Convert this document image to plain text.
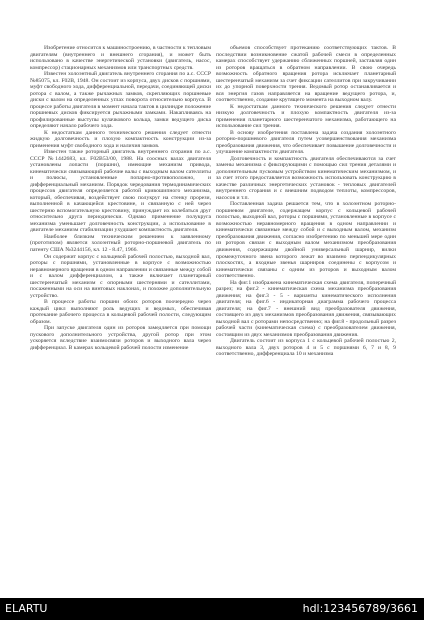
Изобретение относится к машиностроению, в частности к тепловым двигателям (внутреннего и внешнего сгорания), и может быть использовано в качестве энергетической установки (двигатель, насос, компрессор) стационарных механизмов или транспортных средств.

Известен холоэнтный двигатель внутреннего сгорания по а.с. СССР №85075, кл. F02B, 1948. Он состоит из корпуса, двух дисков с поршнями, муфт свободного хода, дифференциальной, передачи, соединяющей диски ротора с валом, а также рычажных замков, скрепляющих поршневые диски с валом на определенных углах поворота относительно корпуса. В процессе работы двигателя в момент начала тактов в цилиндре положение поршневых дисков фиксируется рычажными замками. Накапливаясь на профилированные выступы кулачкового кольца, замки ведущего диска определяют начало рабочего хода.

К недостаткам данного технического решения следует отнести жидкую долговечность и плохую компактность конструкции из-за применения муфт свободного хода и наличия замков.

Известен также роторный двигатель внутреннего сгорания по а.с. СССР №1442683, кл. F02B53/00, 1988. На соосных валах двигателя установлены лопасти (поршни), имеющие механизм привода, кинематически связывающий рабочие валы с выходным валом сателлиты и полюсы, установленные попарно-противоположно, и дифференциальный механизм. Порядок чередования термодинамических процессов двигателя определяется работой кривошипного механизма, который, обеспечивая, воздействует свою полукруг на стенку прорези, выполненной в качающейся крестовине, и связанную с ней через шестерню вспомогательную крестовину, принуждает их колебаться друг относительно друга периодически. Однако применение полукруга механизма уменьшает долговечность конструкции, а использование в двигателе механизм стабилизации ухудшает компактность двигателя.

Наиболее близким техническим решением к заявленному (прототипом) является холоэнтный роторно-поршневой двигатель по патенту США №3244156, кл. 12 - 8.47, 1966.

Он содержит корпус с кольцевой рабочей полостью, выходной вал, роторы с поршнями, установленные в корпусе с возможностью неравномерного вращения в одном направлении и связанные между собой и с валом дифференциалом, а также включает планетарный шестеренчатый механизм с опорными шестернями и сателлитами, посаженными на оси на винтовых наклонах, и похожее дополнительную устройство.

В процессе работы поршни обоих роторов поочередно через каждый цикл выполняют роль ведущих и ведомых, обеспечивая протекание рабочего процесса в кольцевой рабочей полости, следующим образом.

При запуске двигателя один из роторов замедляется при помощи пускового дополнительного устройства, другой ротор при этом ускоряется вследствие взаимосвязи роторов и выходного вала через дифференциал. В камерах кольцевой рабочей полости изменение

объемов способствует протеканию соответствующих тактов. В последствии возникновение сжатой рабочей смеси в определенных камерах способствует удержанию сближенных поршней, заставляя один из роторов вращаться в обратном направлении. В свою очередь возможность обратного вращения ротора исключает планетарный шестеренчатый механизм за счет фиксации сателлитов при закручивании их до упорной поверхности трения. Ведомый ротор останавливается и вся энергия газов направляется на вращение ведущего ротора, и, соответственно, создание крутящего момента на выходном валу.

К недостаткам данного технического решения следует отнести низкую долговечность и плохую компактность двигателя из-за применения планетарного шестеренчатого механизма, работающего на использование сил трения.

В основу изобретения поставлена задача создания холоэнтного роторно-поршневого двигателя путем усовершенствования механизма преобразования движения, что обеспечивает повышение долговечности и улучшение компактности двигателя.

Долговечность и компактность двигателя обеспечиваются за счет замены механизма с фиксирующими с помощью сил трения деталями и дополнительным пусковым устройством кинематическим механизмом, и за счет этого предоставляется возможность использовать конструкцию в качестве различных энергетических установок - тепловых двигателей внутреннего сгорания и с внешним подводом теплоты, компрессоров, насосов и т.п.

Поставленная задача решается тем, что в холоэнтном роторно-поршневом двигателе, содержащем корпус с кольцевой рабочей полостью, выходной вал, роторы с поршнями, установленные в корпусе с возможностью неравномерного вращения в одном направлении и кинематически связанные между собой и с выходным валом, механизм преобразования движения, согласно изобретению по меньшей мере один из роторов связан с выходным валом механизмом преобразования движения, содержащим двойной универсальный шарнир, вилки промежуточного звена которого лежат во взаимно перпендикулярных плоскостях, а входные звенья шарниров соединены с корпусом и кинематически связаны с одним из роторов и выходным валом соответственно.

На фиг.1 изображена кинематическая схема двигателя, поперечный разрез; на фиг.2 - кинематическая схема механизма преобразования движения; на фиг.3 - 5 - варианты кинематического исполнения двигателя; на фиг.6 - индикаторная диаграмма рабочего процесса двигателя; на фиг.7 - внешний вид преобразователя движения, состоящего из двух механизмов преобразования движения, связывающих выходной вал с роторами непосредственно; на фиг.8 - продольный разрез рабочей части (кинематическая схема) с преобразователем движения, состоящим из двух механизмов преобразования движения.

Двигатель состоит из корпуса 1 с кольцевой рабочей полостью 2, выходного вала 3, двух роторов 4 и 5 с поршнями 6, 7 и 8, 9 соответственно, дифференциала 10 и механизма

ELARTU	hdl:123456789/3661
